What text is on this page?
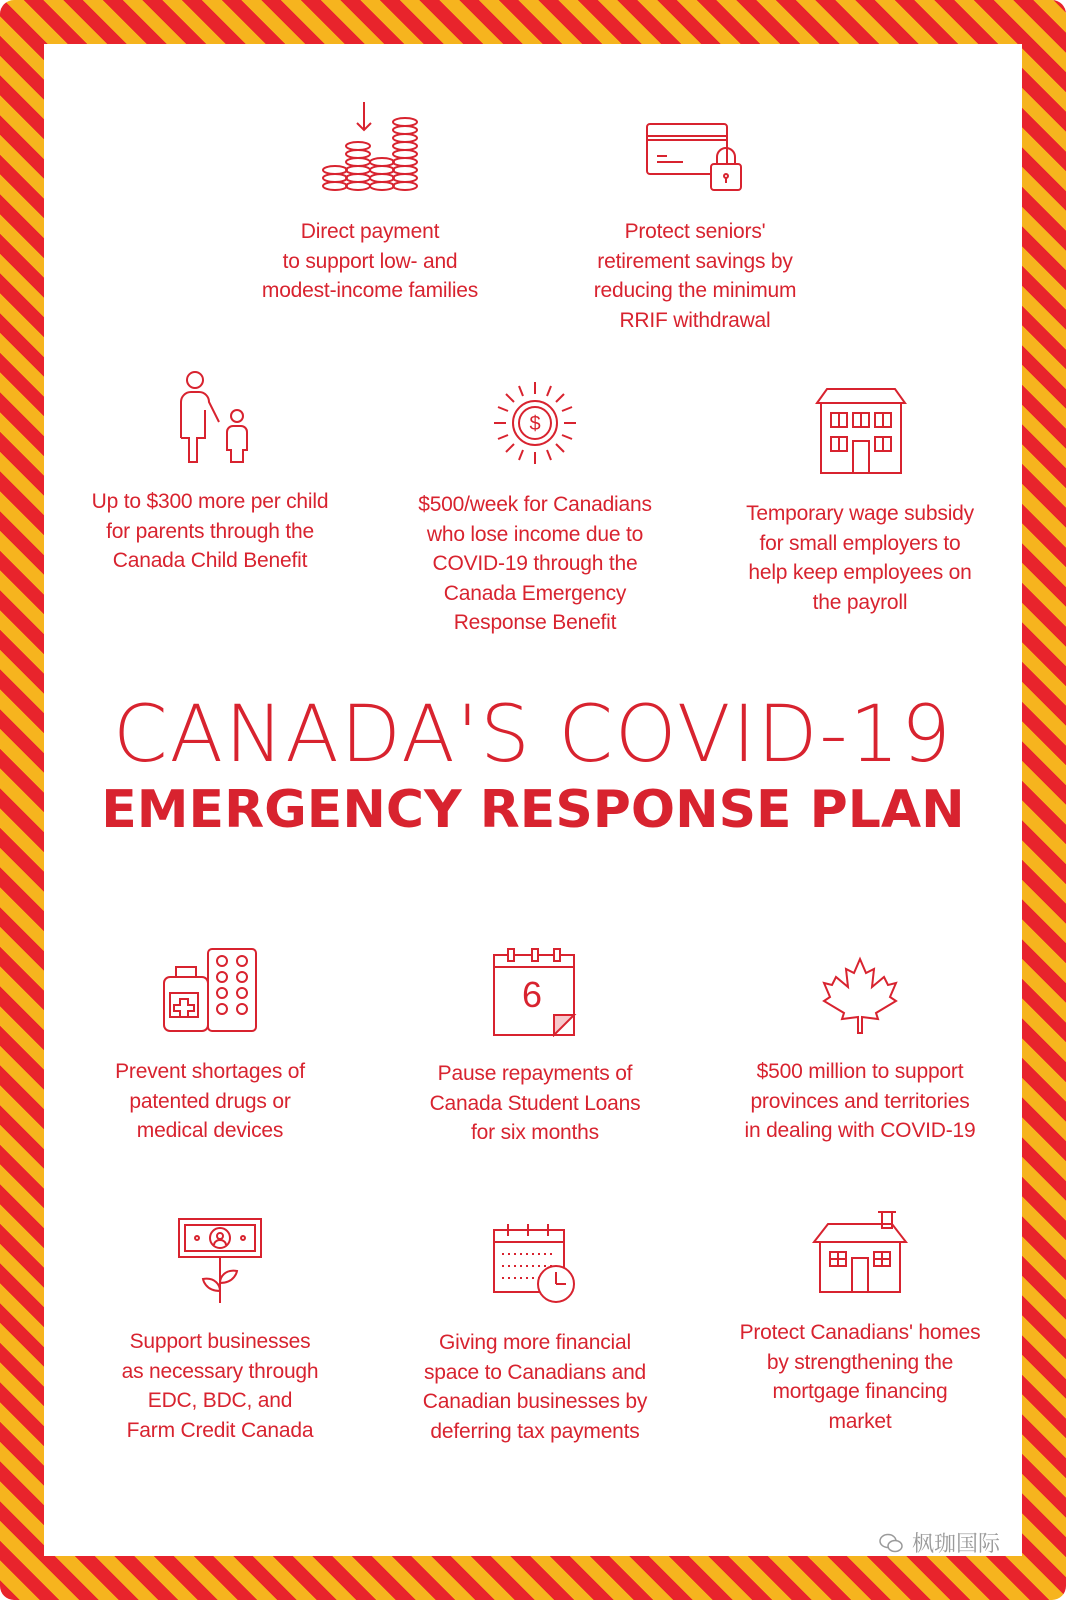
Direct payment
to support low- and
modest-income families
Protect seniors'
retirement savings by
reducing the minimum
RRIF withdrawal
Up to $300 more per child
for parents through the
Canada Child Benefit
$
$500/week for Canadians
who lose income due to
COVID-19 through the
Canada Emergency
Response Benefit
Temporary wage subsidy
for small employers to
help keep employees on
the payroll
CANADA'S COVID-19
EMERGENCY RESPONSE PLAN
Prevent shortages of
patented drugs or
medical devices
6
Pause repayments of
Canada Student Loans
for six months
$500 million to support
provinces and territories
in dealing with COVID-19
Support businesses
as necessary through
EDC, BDC, and
Farm Credit Canada
Giving more financial
space to Canadians and
Canadian businesses by
deferring tax payments
Protect Canadians' homes
by strengthening the
mortgage financing
market
枫珈国际
